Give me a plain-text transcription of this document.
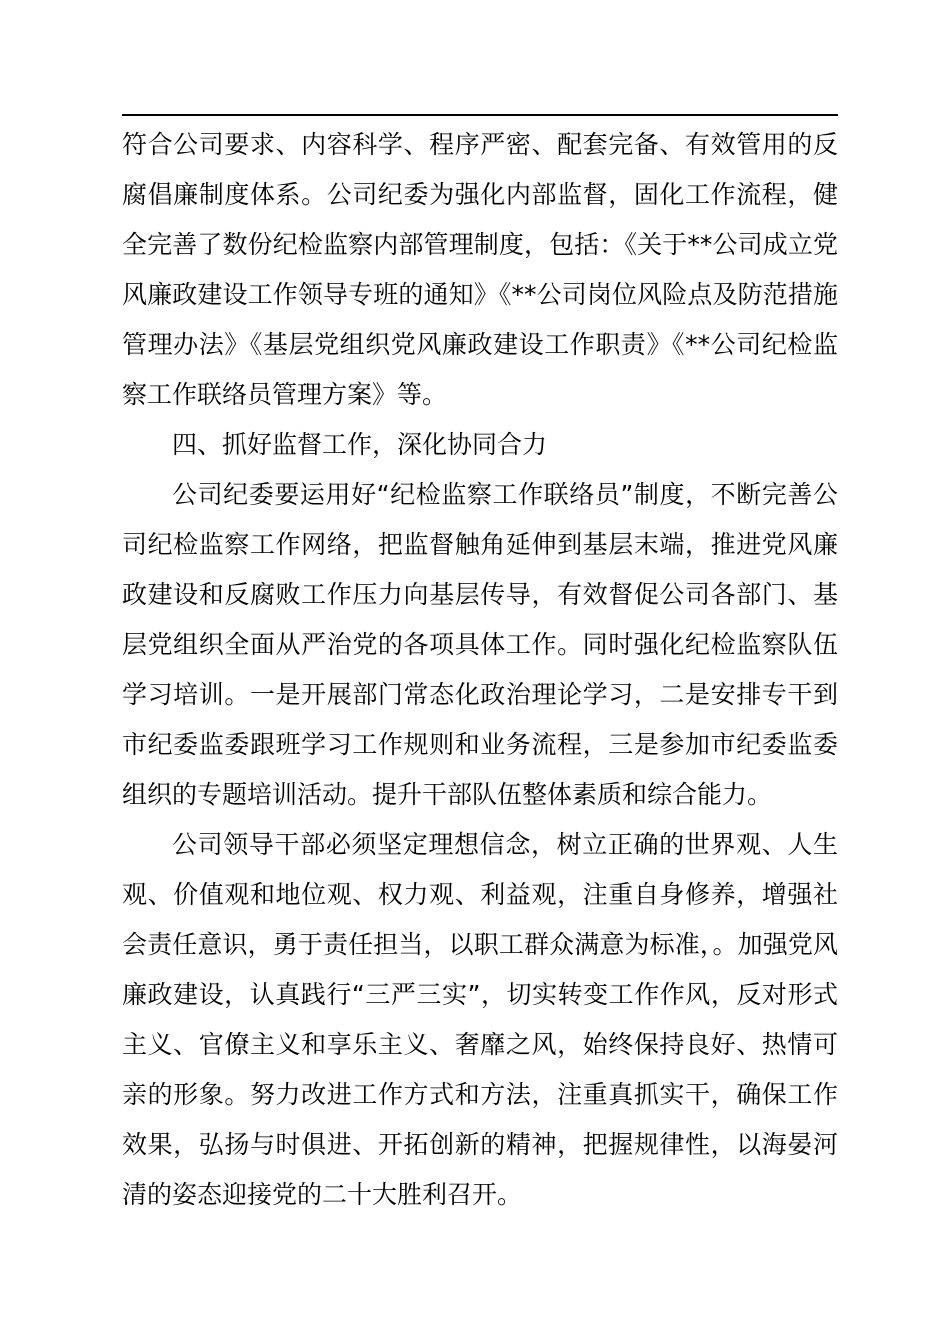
符合公司要求、内容科学、程序严密、配套完备、有效管用的反腐倡廉制度体系。公司纪委为强化内部监督，固化工作流程，健全完善了数份纪检监察内部管理制度，包括：《关于**公司成立党风廉政建设工作领导专班的通知》《**公司岗位风险点及防范措施管理办法》《基层党组织党风廉政建设工作职责》《**公司纪检监察工作联络员管理方案》等。

四、抓好监督工作，深化协同合力

公司纪委要运用好“纪检监察工作联络员”制度，不断完善公司纪检监察工作网络，把监督触角延伸到基层末端，推进党风廉政建设和反腐败工作压力向基层传导，有效督促公司各部门、基层党组织全面从严治党的各项具体工作。同时强化纪检监察队伍学习培训。一是开展部门常态化政治理论学习，二是安排专干到市纪委监委跟班学习工作规则和业务流程，三是参加市纪委监委组织的专题培训活动。提升干部队伍整体素质和综合能力。

公司领导干部必须坚定理想信念，树立正确的世界观、人生观、价值观和地位观、权力观、利益观，注重自身修养，增强社会责任意识，勇于责任担当，以职工群众满意为标准，。加强党风廉政建设，认真践行“三严三实”，切实转变工作作风，反对形式主义、官僚主义和享乐主义、奢靡之风，始终保持良好、热情可亲的形象。努力改进工作方式和方法，注重真抓实干，确保工作效果，弘扬与时俱进、开拓创新的精神，把握规律性，以海晏河清的姿态迎接党的二十大胜利召开。
